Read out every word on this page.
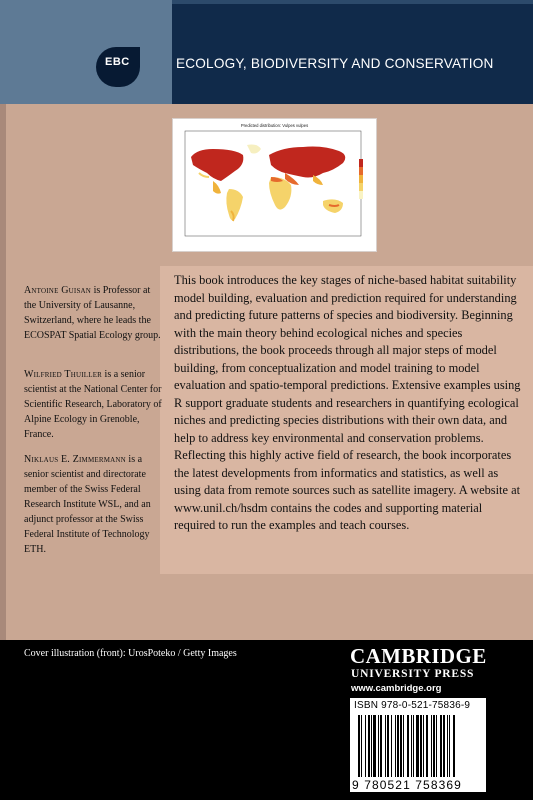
EBC	ECOLOGY, BIODIVERSITY AND CONSERVATION
Predicted distribution: Vulpes vulpes

This book introduces the key stages of niche-based habitat suitability model building, evaluation and prediction required for understanding and predicting future patterns of species and biodiversity. Beginning with the main theory behind ecological niches and species distributions, the book proceeds through all major steps of model building, from conceptualization and model training to model evaluation and spatio-temporal predictions. Extensive examples using R support graduate students and researchers in quantifying ecological niches and predicting species distributions with their own data, and help to address key environmental and conservation problems. Reflecting this highly active field of research, the book incorporates the latest developments from informatics and statistics, as well as using data from remote sources such as satellite imagery. A website at www.unil.ch/hsdm contains the codes and supporting material required to run the examples and teach courses.

Antoine Guisan is Professor at the University of Lausanne, Switzerland, where he leads the ECOSPAT Spatial Ecology group.

Wilfried Thuiller is a senior scientist at the National Center for Scientific Research, Laboratory of Alpine Ecology in Grenoble, France.

Niklaus E. Zimmermann is a senior scientist and directorate member of the Swiss Federal Research Institute WSL, and an adjunct professor at the Swiss Federal Institute of Technology ETH.

Cover illustration (front): UrosPoteko / Getty Images	CAMBRIDGE
UNIVERSITY PRESS
www.cambridge.org
ISBN 978-0-521-75836-9
9 780521 758369
